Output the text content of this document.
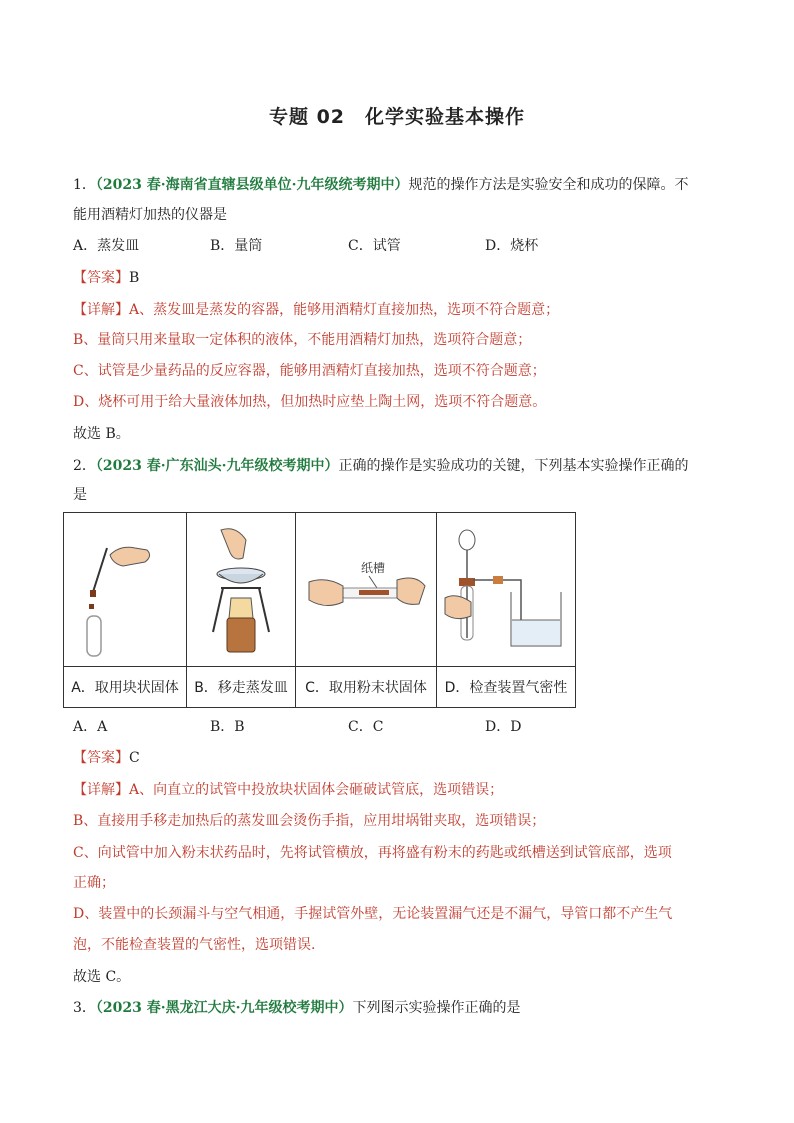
专题 02　化学实验基本操作
1．（2023 春·海南省直辖县级单位·九年级统考期中）规范的操作方法是实验安全和成功的保障。不
能用酒精灯加热的仪器是
A．蒸发皿	B．量筒	C．试管	D．烧杯
【答案】B
【详解】A、蒸发皿是蒸发的容器，能够用酒精灯直接加热，选项不符合题意；
B、量筒只用来量取一定体积的液体，不能用酒精灯加热，选项符合题意；
C、试管是少量药品的反应容器，能够用酒精灯直接加热，选项不符合题意；
D、烧杯可用于给大量液体加热，但加热时应垫上陶土网，选项不符合题意。
故选 B。
2．（2023 春·广东汕头·九年级校考期中）正确的操作是实验成功的关键，下列基本实验操作正确的
是

纸槽

A．取用块状固体	B．移走蒸发皿	C．取用粉末状固体	D．检查装置气密性
A．A	B．B	C．C	D．D
【答案】C
【详解】A、向直立的试管中投放块状固体会砸破试管底，选项错误；
B、直接用手移走加热后的蒸发皿会烫伤手指，应用坩埚钳夹取，选项错误；
C、向试管中加入粉末状药品时，先将试管横放，再将盛有粉末的药匙或纸槽送到试管底部，选项
正确；
D、装置中的长颈漏斗与空气相通，手握试管外壁，无论装置漏气还是不漏气，导管口都不产生气
泡，不能检查装置的气密性，选项错误.
故选 C。
3．（2023 春·黑龙江大庆·九年级校考期中）下列图示实验操作正确的是
